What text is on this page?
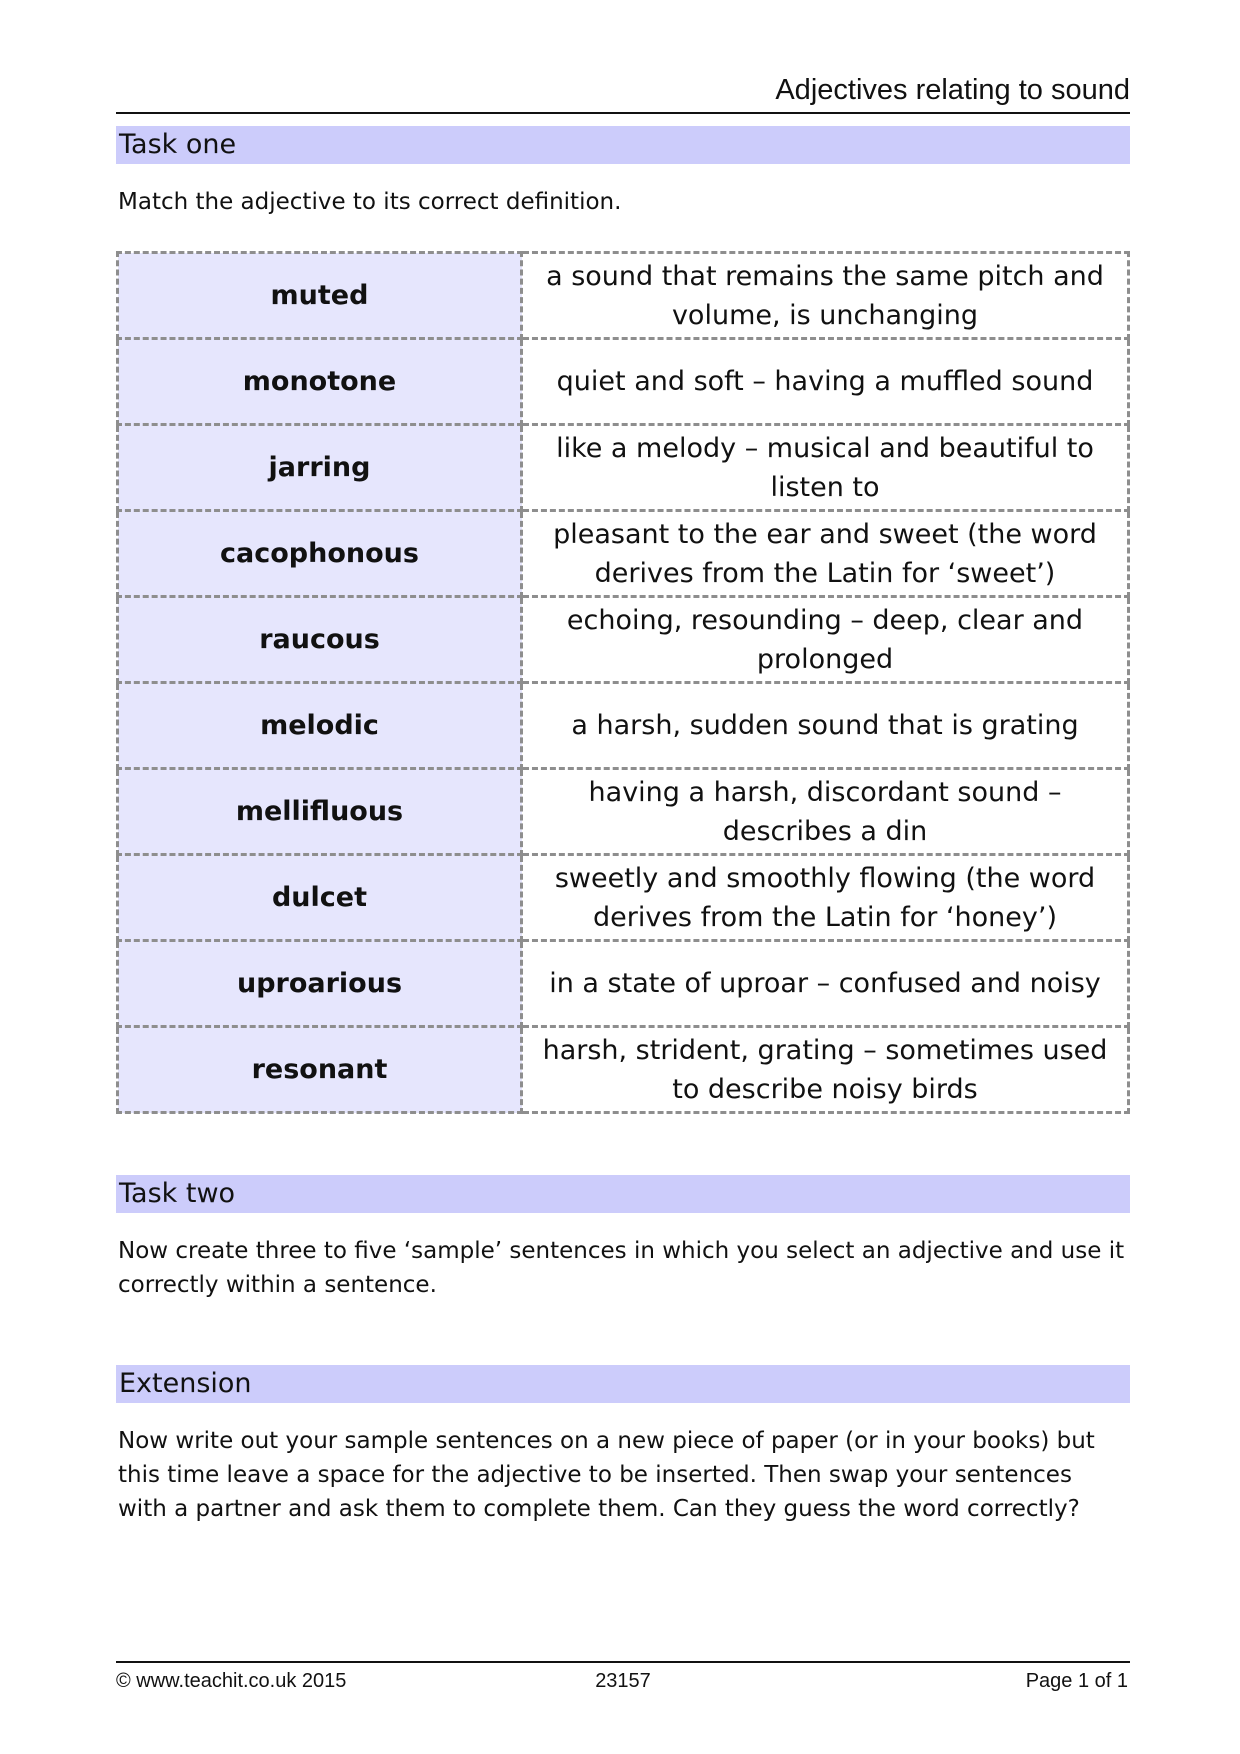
Adjectives relating to sound
Task one

Match the adjective to its correct definition.

muted	a sound that remains the same pitch and volume, is unchanging
monotone	quiet and soft – having a muffled sound
jarring	like a melody – musical and beautiful to listen to
cacophonous	pleasant to the ear and sweet (the word derives from the Latin for ‘sweet’)
raucous	echoing, resounding – deep, clear and prolonged
melodic	a harsh, sudden sound that is grating
mellifluous	having a harsh, discordant sound – describes a din
dulcet	sweetly and smoothly flowing (the word derives from the Latin for ‘honey’)
uproarious	in a state of uproar – confused and noisy
resonant	harsh, strident, grating – sometimes used to describe noisy birds
Task two

Now create three to five ‘sample’ sentences in which you select an adjective and use it correctly within a sentence.

Extension

Now write out your sample sentences on a new piece of paper (or in your books) but this time leave a space for the adjective to be inserted. Then swap your sentences with a partner and ask them to complete them. Can they guess the word correctly?

© www.teachit.co.uk 2015	23157	Page 1 of 1
